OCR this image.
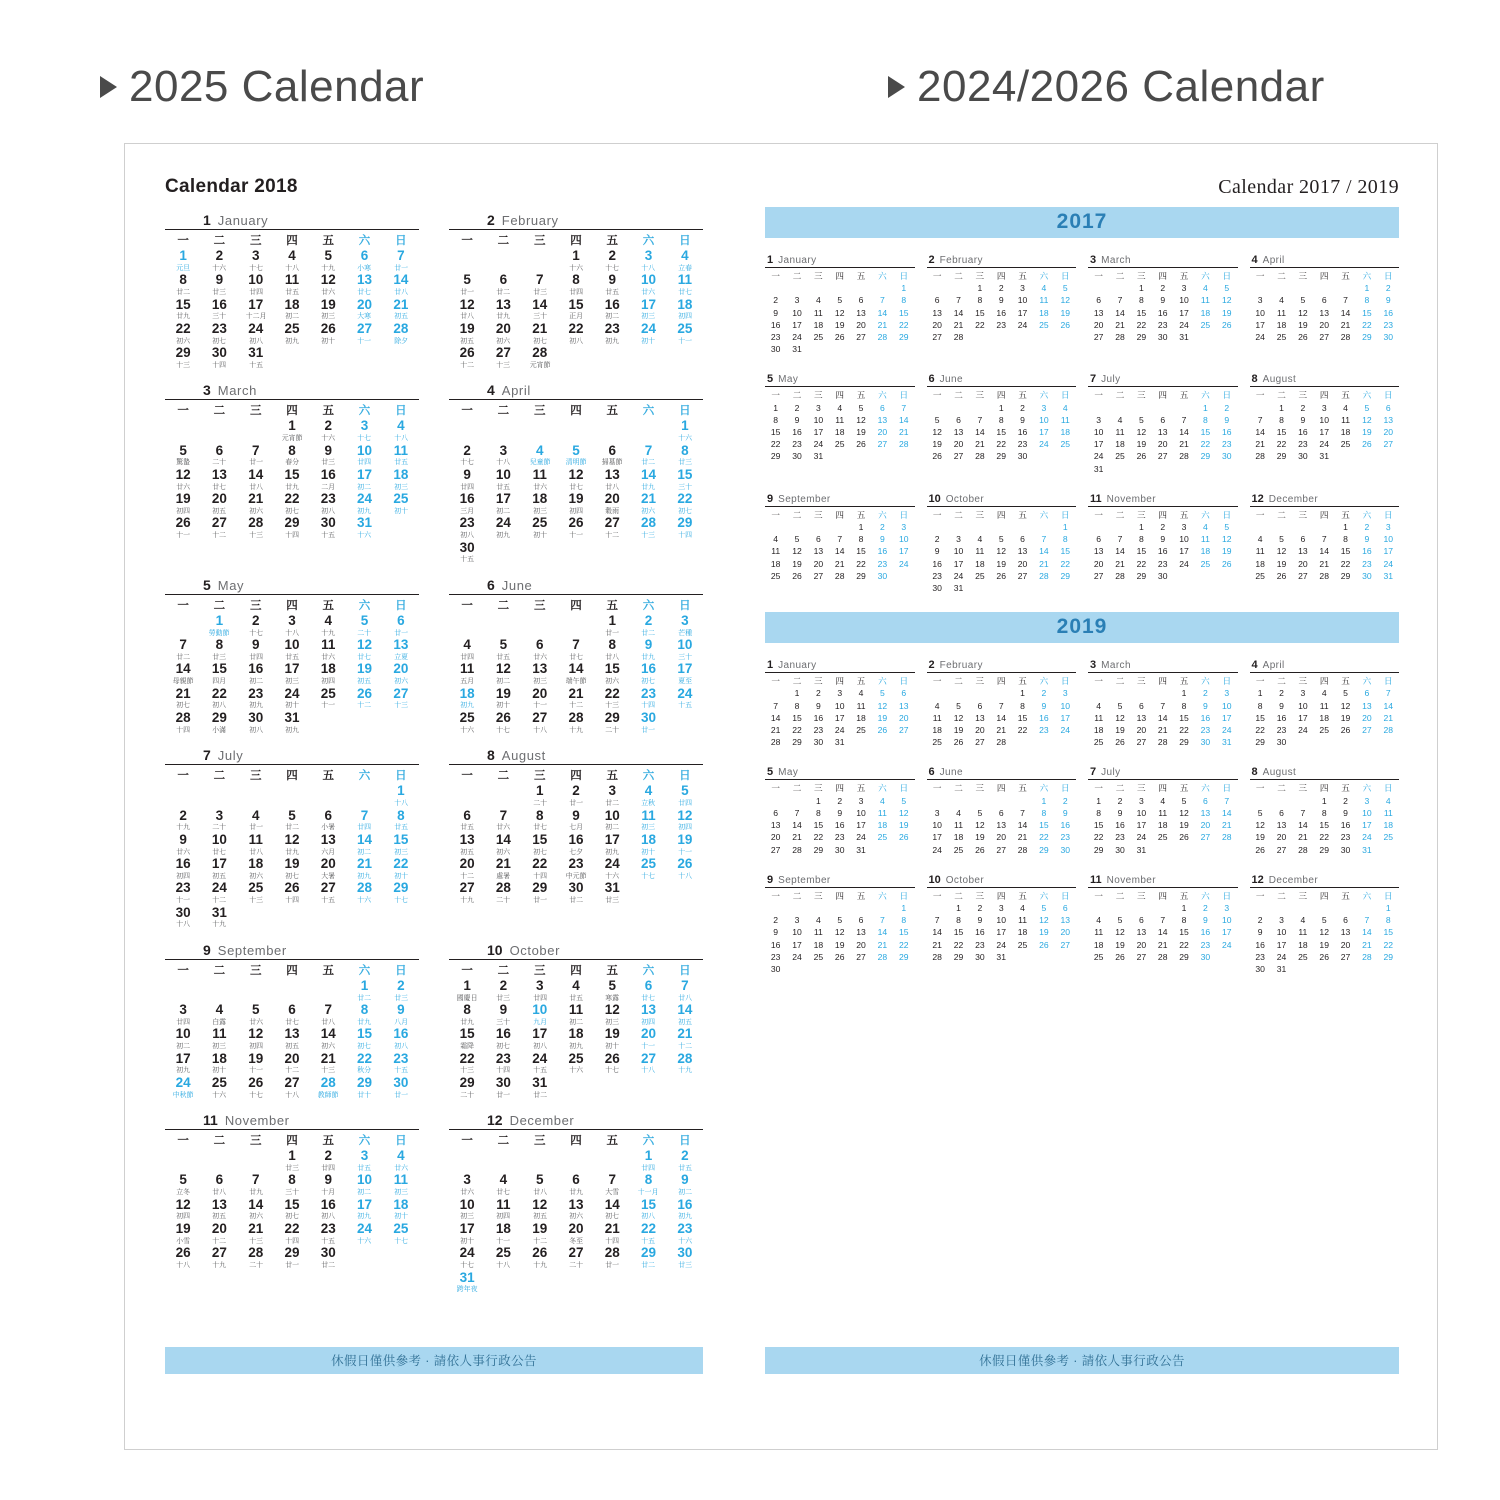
2025 Calendar	2024/2026 Calendar
Calendar 2018
1 January
一	二	三	四	五	六	日
1	2	3	4	5	6	7
元旦	十六	十七	十八	十九	小寒	廿一
8	9	10	11	12	13	14
廿二	廿三	廿四	廿五	廿六	廿七	廿八
15	16	17	18	19	20	21
廿九	三十	十二月	初二	初三	大寒	初五
22	23	24	25	26	27	28
初六	初七	初八	初九	初十	十一	除夕
29	30	31				
十三	十四	十五				
2 February
一	二	三	四	五	六	日
			1	2	3	4
			十六	十七	十八	立春
5	6	7	8	9	10	11
廿一	廿二	廿三	廿四	廿五	廿六	廿七
12	13	14	15	16	17	18
廿八	廿九	三十	正月	初二	初三	初四
19	20	21	22	23	24	25
初五	初六	初七	初八	初九	初十	十一
26	27	28				
十二	十三	元宵節				
3 March
一	二	三	四	五	六	日
			1	2	3	4
			元宵節	十六	十七	十八
5	6	7	8	9	10	11
驚蟄	二十	廿一	春分	廿三	廿四	廿五
12	13	14	15	16	17	18
廿六	廿七	廿八	廿九	二月	初二	初三
19	20	21	22	23	24	25
初四	初五	初六	初七	初八	初九	初十
26	27	28	29	30	31	
十一	十二	十三	十四	十五	十六	
4 April
一	二	三	四	五	六	日
						1
						十六
2	3	4	5	6	7	8
十七	十八	兒童節	清明節	掃墓節	廿二	廿三
9	10	11	12	13	14	15
廿四	廿五	廿六	廿七	廿八	廿九	三十
16	17	18	19	20	21	22
三月	初二	初三	初四	穀雨	初六	初七
23	24	25	26	27	28	29
初八	初九	初十	十一	十二	十三	十四
30						
十五						
5 May
一	二	三	四	五	六	日
	1	2	3	4	5	6
	勞動節	十七	十八	十九	二十	廿一
7	8	9	10	11	12	13
廿二	廿三	廿四	廿五	廿六	廿七	立夏
14	15	16	17	18	19	20
母親節	四月	初二	初三	初四	初五	初六
21	22	23	24	25	26	27
初七	初八	初九	初十	十一	十二	十三
28	29	30	31			
十四	小滿	初八	初九			
6 June
一	二	三	四	五	六	日
				1	2	3
				廿一	廿二	芒種
4	5	6	7	8	9	10
廿四	廿五	廿六	廿七	廿八	廿九	三十
11	12	13	14	15	16	17
五月	初二	初三	端午節	初六	初七	夏至
18	19	20	21	22	23	24
初九	初十	十一	十二	十三	十四	十五
25	26	27	28	29	30	
十六	十七	十八	十九	二十	廿一	
7 July
一	二	三	四	五	六	日
						1
						十八
2	3	4	5	6	7	8
十九	二十	廿一	廿二	小暑	廿四	廿五
9	10	11	12	13	14	15
廿六	廿七	廿八	廿九	六月	初二	初三
16	17	18	19	20	21	22
初四	初五	初六	初七	大暑	初九	初十
23	24	25	26	27	28	29
十一	十二	十三	十四	十五	十六	十七
30	31					
十八	十九					
8 August
一	二	三	四	五	六	日
		1	2	3	4	5
		二十	廿一	廿二	立秋	廿四
6	7	8	9	10	11	12
廿五	廿六	廿七	七月	初二	初三	初四
13	14	15	16	17	18	19
初五	初六	初七	七夕	初九	初十	十一
20	21	22	23	24	25	26
十二	處暑	十四	中元節	十六	十七	十八
27	28	29	30	31		
十九	二十	廿一	廿二	廿三		
9 September
一	二	三	四	五	六	日
					1	2
					廿二	廿三
3	4	5	6	7	8	9
廿四	白露	廿六	廿七	廿八	廿九	八月
10	11	12	13	14	15	16
初二	初三	初四	初五	初六	初七	初八
17	18	19	20	21	22	23
初九	初十	十一	十二	十三	秋分	十五
24	25	26	27	28	29	30
中秋節	十六	十七	十八	教師節	廿十	廿一
10 October
一	二	三	四	五	六	日
1	2	3	4	5	6	7
國慶日	廿三	廿四	廿五	寒露	廿七	廿八
8	9	10	11	12	13	14
廿九	三十	九月	初二	初三	初四	初五
15	16	17	18	19	20	21
霜降	初七	初八	初九	初十	十一	十二
22	23	24	25	26	27	28
十三	十四	十五	十六	十七	十八	十九
29	30	31				
二十	廿一	廿二				
11 November
一	二	三	四	五	六	日
			1	2	3	4
			廿三	廿四	廿五	廿六
5	6	7	8	9	10	11
立冬	廿八	廿九	三十	十月	初二	初三
12	13	14	15	16	17	18
初四	初五	初六	初七	初八	初九	初十
19	20	21	22	23	24	25
小雪	十二	十三	十四	十五	十六	十七
26	27	28	29	30		
十八	十九	二十	廿一	廿二		
12 December
一	二	三	四	五	六	日
					1	2
					廿四	廿五
3	4	5	6	7	8	9
廿六	廿七	廿八	廿九	大雪	十一月	初二
10	11	12	13	14	15	16
初三	初四	初五	初六	初七	初八	初九
17	18	19	20	21	22	23
初十	十一	十二	冬至	十四	十五	十六
24	25	26	27	28	29	30
十七	十八	十九	二十	廿一	廿二	廿三
31						
跨年夜						
Calendar 2017 / 2019
2017
1 January
一	二	三	四	五	六	日
						1
2	3	4	5	6	7	8
9	10	11	12	13	14	15
16	17	18	19	20	21	22
23	24	25	26	27	28	29
30	31					
2 February
一	二	三	四	五	六	日
		1	2	3	4	5
6	7	8	9	10	11	12
13	14	15	16	17	18	19
20	21	22	23	24	25	26
27	28					
3 March
一	二	三	四	五	六	日
		1	2	3	4	5
6	7	8	9	10	11	12
13	14	15	16	17	18	19
20	21	22	23	24	25	26
27	28	29	30	31		
4 April
一	二	三	四	五	六	日
					1	2
3	4	5	6	7	8	9
10	11	12	13	14	15	16
17	18	19	20	21	22	23
24	25	26	27	28	29	30
5 May
一	二	三	四	五	六	日
1	2	3	4	5	6	7
8	9	10	11	12	13	14
15	16	17	18	19	20	21
22	23	24	25	26	27	28
29	30	31				
6 June
一	二	三	四	五	六	日
			1	2	3	4
5	6	7	8	9	10	11
12	13	14	15	16	17	18
19	20	21	22	23	24	25
26	27	28	29	30		
7 July
一	二	三	四	五	六	日
					1	2
3	4	5	6	7	8	9
10	11	12	13	14	15	16
17	18	19	20	21	22	23
24	25	26	27	28	29	30
31						
8 August
一	二	三	四	五	六	日
	1	2	3	4	5	6
7	8	9	10	11	12	13
14	15	16	17	18	19	20
21	22	23	24	25	26	27
28	29	30	31			
9 September
一	二	三	四	五	六	日
				1	2	3
4	5	6	7	8	9	10
11	12	13	14	15	16	17
18	19	20	21	22	23	24
25	26	27	28	29	30	
10 October
一	二	三	四	五	六	日
						1
2	3	4	5	6	7	8
9	10	11	12	13	14	15
16	17	18	19	20	21	22
23	24	25	26	27	28	29
30	31					
11 November
一	二	三	四	五	六	日
		1	2	3	4	5
6	7	8	9	10	11	12
13	14	15	16	17	18	19
20	21	22	23	24	25	26
27	28	29	30			
12 December
一	二	三	四	五	六	日
				1	2	3
4	5	6	7	8	9	10
11	12	13	14	15	16	17
18	19	20	21	22	23	24
25	26	27	28	29	30	31
2019
1 January
一	二	三	四	五	六	日
	1	2	3	4	5	6
7	8	9	10	11	12	13
14	15	16	17	18	19	20
21	22	23	24	25	26	27
28	29	30	31			
2 February
一	二	三	四	五	六	日
				1	2	3
4	5	6	7	8	9	10
11	12	13	14	15	16	17
18	19	20	21	22	23	24
25	26	27	28			
3 March
一	二	三	四	五	六	日
				1	2	3
4	5	6	7	8	9	10
11	12	13	14	15	16	17
18	19	20	21	22	23	24
25	26	27	28	29	30	31
4 April
一	二	三	四	五	六	日
1	2	3	4	5	6	7
8	9	10	11	12	13	14
15	16	17	18	19	20	21
22	23	24	25	26	27	28
29	30					
5 May
一	二	三	四	五	六	日
		1	2	3	4	5
6	7	8	9	10	11	12
13	14	15	16	17	18	19
20	21	22	23	24	25	26
27	28	29	30	31		
6 June
一	二	三	四	五	六	日
					1	2
3	4	5	6	7	8	9
10	11	12	13	14	15	16
17	18	19	20	21	22	23
24	25	26	27	28	29	30
7 July
一	二	三	四	五	六	日
1	2	3	4	5	6	7
8	9	10	11	12	13	14
15	16	17	18	19	20	21
22	23	24	25	26	27	28
29	30	31				
8 August
一	二	三	四	五	六	日
			1	2	3	4
5	6	7	8	9	10	11
12	13	14	15	16	17	18
19	20	21	22	23	24	25
26	27	28	29	30	31	
9 September
一	二	三	四	五	六	日
						1
2	3	4	5	6	7	8
9	10	11	12	13	14	15
16	17	18	19	20	21	22
23	24	25	26	27	28	29
30						
10 October
一	二	三	四	五	六	日
	1	2	3	4	5	6
7	8	9	10	11	12	13
14	15	16	17	18	19	20
21	22	23	24	25	26	27
28	29	30	31			
11 November
一	二	三	四	五	六	日
				1	2	3
4	5	6	7	8	9	10
11	12	13	14	15	16	17
18	19	20	21	22	23	24
25	26	27	28	29	30	
12 December
一	二	三	四	五	六	日
						1
2	3	4	5	6	7	8
9	10	11	12	13	14	15
16	17	18	19	20	21	22
23	24	25	26	27	28	29
30	31					
休假日僅供參考 · 請依人事行政公告	休假日僅供參考 · 請依人事行政公告
